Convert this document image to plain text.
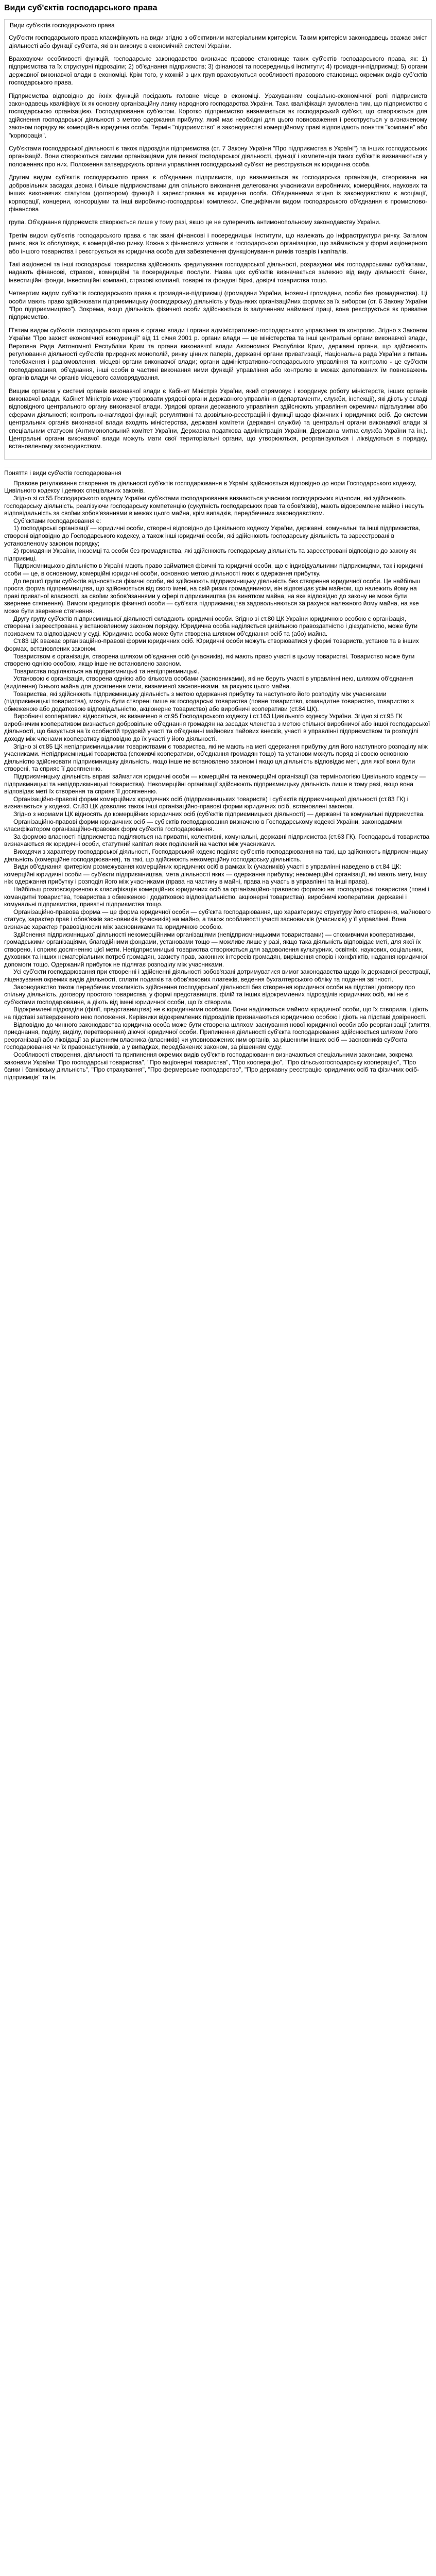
Види суб'єктів господарського права
Види суб'єктів господарського права

Суб'єкти господарського права класифікують на види згідно з об'єктивним матеріальним критерієм. Таким критерієм законодавець вважає зміст діяльності або функції суб'єкта, які він виконує в економічній системі України.

Враховуючи особливості функцій, господарське законодавство визначає правове становище таких суб'єктів господарського права, як: 1) підприємства та їх структурні підрозділи; 2) об'єднання підприємств; 3) фінансові та посередницькі інститути; 4) громадяни-підприємці; 5) органи державної виконавчої влади в економіці. Крім того, у кожній з цих груп враховуються особливості правового становища окремих видів суб'єктів господарського права.

Підприємства відповідно до їхніх функцій посідають головне місце в економіці. Урахуванням соціально-економічної ролі підприємств законодавець кваліфікує їх як основну організаційну ланку народного господарства України. Така кваліфікація зумовлена тим, що підприємство є господарською організацією. Господарювання суб'єктом. Коротко підприємство визначається як господарський суб'єкт, що створюється для здійснення господарської діяльності з метою одержання прибутку, який має необхідні для цього повноваження і реєструється у визначеному законом порядку як комерційна юридична особа. Термін "підприємство" в законодавстві комерційному праві відповідають поняття "компанія" або "корпорація".

Суб'єктами господарської діяльності є також підрозділи підприємства (ст. 7 Закону України "Про підприємства в Україні") та інших господарських організацій. Вони створюються самими організаціями для певної господарської діяльності, функції і компетенція таких суб'єктів визначаються у положеннях про них. Положення затверджують органи управління господарський суб'єкт не реєструється як юридична особа.

Другим видом суб'єктів господарського права є об'єднання підприємств, що визначається як господарська організація, створювана на добровільних засадах двома і більше підприємствами для спільного виконання делегованих учасниками виробничих, комерційних, наукових та інших виконавчих статутом (договором) функцій і зареєстрована як юридична особа. Об'єднаннями згідно із законодавством є асоціації, корпорації, концерни, консорціуми та інші виробничо-господарські комплекси. Специфічним видом господарського об'єднання є промислово-фінансова

група. Об'єднання підприємств створюється лише у тому разі, якщо це не суперечить антимонопольному законодавству України.

Третім видом суб'єктів господарського права є так звані фінансові і посередницькі інститути, що належать до інфраструктури ринку. Загалом ринок, яка їх обслуговує, є комерційною ринку. Кожна з фінансових установ є господарською організацією, що займається у формі акціонерного або іншого товариства і реєструється як юридична особа для забезпечення функціонування ринків товарів і капіталів.

Такі акціонерні та інші господарські товариства здійснюють кредитування господарської діяльності, розрахунки між господарськими суб'єктами, надають фінансові, страхові, комерційні та посередницькі послуги. Назва цих суб'єктів визначається залежно від виду діяльності: банки, інвестиційні фонди, інвестиційні компанії, страхові компанії, товарні та фондові біржі, довірчі товариства тощо.

Четвертим видом суб'єктів господарського права є громадяни-підприємці (громадяни України, іноземні громадяни, особи без громадянства). Ці особи мають право здійснювати підприємницьку (господарську) діяльність у будь-яких організаційних формах за їх вибором (ст. 6 Закону України "Про підприємництво"). Зокрема, якщо діяльність фізичної особи здійснюється із залученням найманої праці, вона реєструється як приватне підприємство.

П'ятим видом суб'єктів господарського права є органи влади і органи адміністративно-господарського управління та контролю. Згідно з Законом України "Про захист економічної конкуренції" від 11 січня 2001 р. органи влади — це міністерства та інші центральні органи виконавчої влади, Верховна Рада Автономної Республіки Крим та органи виконавчої влади Автономної Республіки Крим, державні органи, що здійснюють регулювання діяльності суб'єктів природних монополій, ринку цінних паперів, державні органи приватизації, Національна рада України з питань телебачення і радіомовлення, місцеві органи виконавчої влади; органи адміністративно-господарського управління та контролю - це суб'єкти господарювання, об'єднання, інші особи в частині виконання ними функцій управління або контролю в межах делегованих їм повноважень органів влади чи органів місцевого самоврядування.

Вищим органом у системі органів виконавчої влади є Кабінет Міністрів України, який спрямовує і координує роботу міністерств, інших органів виконавчої влади. Кабінет Міністрів може утворювати урядові органи державного управління (департаменти, служби, інспекції), які діють у складі відповідного центрального органу виконавчої влади. Урядові органи державного управління здійснюють управління окремими підгалузями або сферами діяльності; контрольно-наглядові функції; регулятивні та дозвільно-реєстраційні функції щодо фізичних і юридичних осіб. До системи центральних органів виконавчої влади входять міністерства, державні комітети (державні служби) та центральні органи виконавчої влади зі спеціальним статусом (Антимонопольний комітет України, Державна податкова адміністрація України, Державна митна служба України та ін.). Центральні органи виконавчої влади можуть мати свої територіальні органи, що утворюються, реорганізуються і ліквідуються в порядку, встановленому законодавством.

Поняття і види суб'єктів господарювання

Правове регулювання створення та діяльності суб'єктів господарювання в Україні здійснюється відповідно до норм Господарського кодексу, Цивільного кодексу і деяких спеціальних законів.

Згідно зі ст.55 Господарського кодексу України суб'єктами господарювання визнаються учасники господарських відносин, які здійснюють господарську діяльність, реалізуючи господарську компетенцію (сукупність господарських прав та обов'язків), мають відокремлене майно і несуть відповідальність за своїми зобов'язаннями в межах цього майна, крім випадків, передбачених законодавством.

Суб'єктами господарювання є:

1) господарські організації — юридичні особи, створені відповідно до Цивільного кодексу України, державні, комунальні та інші підприємства, створені відповідно до Господарського кодексу, а також інші юридичні особи, які здійснюють господарську діяльність та зареєстровані в установленому законом порядку;

2) громадяни України, іноземці та особи без громадянства, які здійснюють господарську діяльність та зареєстровані відповідно до закону як підприємці.

Підприємницькою діяльністю в Україні мають право займатися фізичні та юридичні особи, що є індивідуальними підприємцями, так і юридичні особи — це, в основному, комерційні юридичні особи, основною метою діяльності яких є одержання прибутку.

До першої групи суб'єктів відносяться фізичні особи, які здійснюють підприємницьку діяльність без створення юридичної особи. Це найбільш проста форма підприємництва, що здійснюється від свого імені, на свій ризик громадянином, він відповідає усім майном, що належить йому на праві приватної власності, за своїми зобов'язаннями у сфері підприємництва (за винятком майна, на яке відповідно до закону не може бути звернене стягнення). Вимоги кредиторів фізичної особи — суб'єкта підприємництва задовольняються за рахунок належного йому майна, на яке може бути звернене стягнення.

Другу групу суб'єктів підприємницької діяльності складають юридичні особи. Згідно зі ст.80 ЦК України юридичною особою є організація, створена і зареєстрована у встановленому законом порядку. Юридична особа наділяється цивільною правоздатністю і дієздатністю, може бути позивачем та відповідачем у суді. Юридична особа може бути створена шляхом об'єднання осіб та (або) майна.

Ст.83 ЦК вважає організаційно-правові форми юридичних осіб. Юридичні особи можуть створюватися у формі товариств, установ та в інших формах, встановлених законом.

Товариством є організація, створена шляхом об'єднання осіб (учасників), які мають право участі в цьому товаристві. Товариство може бути створено однією особою, якщо інше не встановлено законом.

Товариства поділяються на підприємницькі та непідприємницькі.

Установою є організація, створена однією або кількома особами (засновниками), які не беруть участі в управлінні нею, шляхом об'єднання (виділення) їхнього майна для досягнення мети, визначеної засновниками, за рахунок цього майна.

Товариства, які здійснюють підприємницьку діяльність з метою одержання прибутку та наступного його розподілу між учасниками (підприємницькі товариства), можуть бути створені лише як господарські товариства (повне товариство, командитне товариство, товариство з обмеженою або додатковою відповідальністю, акціонерне товариство) або виробничі кооперативи (ст.84 ЦК).

Виробничі кооперативи відносяться, як визначено в ст.95 Господарського кодексу і ст.163 Цивільного кодексу України. Згідно зі ст.95 ГК виробничим кооперативом визнається добровільне об'єднання громадян на засадах членства з метою спільної виробничої або іншої господарської діяльності, що базується на їх особистій трудовій участі та об'єднанні майнових пайових внесків, участі в управлінні підприємством та розподілі доходу між членами кооперативу відповідно до їх участі у його діяльності.

Згідно зі ст.85 ЦК непідприємницькими товариствами є товариства, які не мають на меті одержання прибутку для його наступного розподілу між учасниками. Непідприємницькі товариства (споживчі кооперативи, об'єднання громадян тощо) та установи можуть поряд зі своєю основною діяльністю здійснювати підприємницьку діяльність, якщо інше не встановлено законом і якщо ця діяльність відповідає меті, для якої вони були створені, та сприяє її досягненню.

Підприємницьку діяльність вправі займатися юридичні особи — комерційні та некомерційні організації (за термінологією Цивільного кодексу — підприємницькі та непідприємницькі товариства). Некомерційні організації здійснюють підприємницьку діяльність лише в тому разі, якщо вона відповідає меті їх створення та сприяє її досягненню.

Організаційно-правові форми комерційних юридичних осіб (підприємницьких товариств) і суб'єктів підприємницької діяльності (ст.83 ГК) і визначається у кодексі. Ст.83 ЦК дозволяє також інші організаційно-правові форми юридичних осіб, встановлені законом.

Згідно з нормами ЦК відносять до комерційних юридичних осіб (суб'єктів підприємницької діяльності) — державні та комунальні підприємства.

Організаційно-правові форми юридичних осіб — суб'єктів господарювання визначено в Господарському кодексі України, законодавчим класифікатором організаційно-правових форм суб'єктів господарювання.

За формою власності підприємства поділяються на приватні, колективні, комунальні, державні підприємства (ст.63 ГК). Господарські товариства визначаються як юридичні особи, статутний капітал яких поділений на частки між учасниками.

Виходячи з характеру господарської діяльності, Господарський кодекс поділяє суб'єктів господарювання на такі, що здійснюють підприємницьку діяльність (комерційне господарювання), та такі, що здійснюють некомерційну господарську діяльність.

Види об'єднання критерієм розмежування комерційних юридичних осіб в рамках їх (учасників) участі в управлінні наведено в ст.84 ЦК: комерційні юридичні особи — суб'єкти підприємництва, мета діяльності яких — одержання прибутку; некомерційні організації, які мають мету, іншу ніж одержання прибутку і розподіл його між учасниками (права на частину в майні, права на участь в управлінні та інші права).

Найбільш розповсюдженою є класифікація комерційних юридичних осіб за організаційно-правовою формою на: господарські товариства (повні і командитні товариства, товариства з обмеженою і додатковою відповідальністю, акціонерні товариства), виробничі кооперативи, державні і комунальні підприємства, приватні підприємства тощо.

Організаційно-правова форма — це форма юридичної особи — суб'єкта господарювання, що характеризує структуру його створення, майнового статусу, характер прав і обов'язків засновників (учасників) на майно, а також особливості участі засновників (учасників) у її управлінні. Вона визначає характер правовідносин між засновниками та юридичною особою.

Здійснення підприємницької діяльності некомерційними організаціями (непідприємницькими товариствами) — споживчими кооперативами, громадськими організаціями, благодійними фондами, установами тощо — можливе лише у разі, якщо така діяльність відповідає меті, для якої їх створено, і сприяє досягненню цієї мети. Непідприємницькі товариства створюються для задоволення культурних, освітніх, наукових, соціальних, духовних та інших нематеріальних потреб громадян, захисту прав, законних інтересів громадян, вирішення спорів і конфліктів, надання юридичної допомоги тощо. Одержаний прибуток не підлягає розподілу між учасниками.

Усі суб'єкти господарювання при створенні і здійсненні діяльності зобов'язані дотримуватися вимог законодавства щодо їх державної реєстрації, ліцензування окремих видів діяльності, сплати податків та обов'язкових платежів, ведення бухгалтерського обліку та подання звітності.

Законодавство також передбачає можливість здійснення господарської діяльності без створення юридичної особи на підставі договору про спільну діяльність, договору простого товариства, у формі представництв, філій та інших відокремлених підрозділів юридичних осіб, які не є суб'єктами господарювання, а діють від імені юридичної особи, що їх створила.

Відокремлені підрозділи (філії, представництва) не є юридичними особами. Вони наділяються майном юридичної особи, що їх створила, і діють на підставі затвердженого нею положення. Керівники відокремлених підрозділів призначаються юридичною особою і діють на підставі довіреності.

Відповідно до чинного законодавства юридична особа може бути створена шляхом заснування нової юридичної особи або реорганізації (злиття, приєднання, поділу, виділу, перетворення) діючої юридичної особи. Припинення діяльності суб'єкта господарювання здійснюється шляхом його реорганізації або ліквідації за рішенням власника (власників) чи уповноважених ним органів, за рішенням інших осіб — засновників суб'єкта господарювання чи їх правонаступників, а у випадках, передбачених законом, за рішенням суду.

Особливості створення, діяльності та припинення окремих видів суб'єктів господарювання визначаються спеціальними законами, зокрема законами України "Про господарські товариства", "Про акціонерні товариства", "Про кооперацію", "Про сільськогосподарську кооперацію", "Про банки і банківську діяльність", "Про страхування", "Про фермерське господарство", "Про державну реєстрацію юридичних осіб та фізичних осіб-підприємців" та ін.
